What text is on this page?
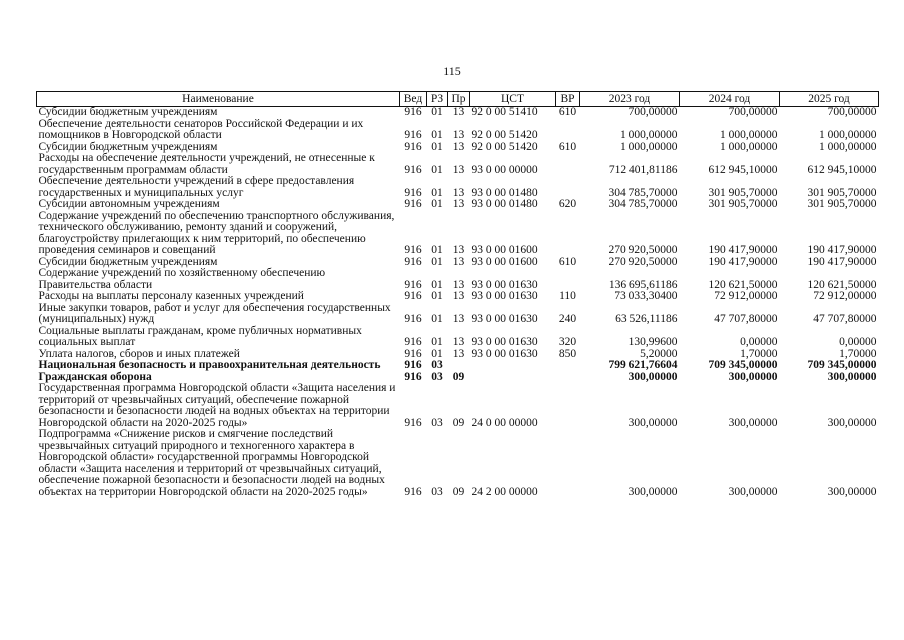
115
Наименование	Вед	РЗ	Пр	ЦСТ	ВР	2023 год	2024 год	2025 год
Субсидии бюджетным учреждениям	916	01	13	92 0 00 51410	610	700,00000	700,00000	700,00000
Обеспечение деятельности сенаторов Российской Федерации и их помощников в Новгородской области	916	01	13	92 0 00 51420		1 000,00000	1 000,00000	1 000,00000
Субсидии бюджетным учреждениям	916	01	13	92 0 00 51420	610	1 000,00000	1 000,00000	1 000,00000
Расходы на обеспечение деятельности учреждений, не отнесенные к государственным программам области	916	01	13	93 0 00 00000		712 401,81186	612 945,10000	612 945,10000
Обеспечение деятельности учреждений в сфере предоставления государственных и муниципальных услуг	916	01	13	93 0 00 01480		304 785,70000	301 905,70000	301 905,70000
Субсидии автономным учреждениям	916	01	13	93 0 00 01480	620	304 785,70000	301 905,70000	301 905,70000
Содержание учреждений по обеспечению транспортного обслуживания, технического обслуживанию, ремонту зданий и сооружений, благоустройству прилегающих к ним территорий, по обеспечению проведения семинаров и совещаний	916	01	13	93 0 00 01600		270 920,50000	190 417,90000	190 417,90000
Субсидии бюджетным учреждениям	916	01	13	93 0 00 01600	610	270 920,50000	190 417,90000	190 417,90000
Содержание учреждений по хозяйственному обеспечению Правительства области	916	01	13	93 0 00 01630		136 695,61186	120 621,50000	120 621,50000
Расходы на выплаты персоналу казенных учреждений	916	01	13	93 0 00 01630	110	73 033,30400	72 912,00000	72 912,00000
Иные закупки товаров, работ и услуг для обеспечения государственных (муниципальных) нужд	916	01	13	93 0 00 01630	240	63 526,11186	47 707,80000	47 707,80000
Социальные выплаты гражданам, кроме публичных нормативных социальных выплат	916	01	13	93 0 00 01630	320	130,99600	0,00000	0,00000
Уплата налогов, сборов и иных платежей	916	01	13	93 0 00 01630	850	5,20000	1,70000	1,70000
Национальная безопасность и правоохранительная деятельность	916	03				799 621,76604	709 345,00000	709 345,00000
Гражданская оборона	916	03	09			300,00000	300,00000	300,00000
Государственная программа Новгородской области «Защита населения и территорий от чрезвычайных ситуаций, обеспечение пожарной безопасности и безопасности людей на водных объектах на территории Новгородской области на 2020-2025 годы»	916	03	09	24 0 00 00000		300,00000	300,00000	300,00000
Подпрограмма «Снижение рисков и смягчение последствий чрезвычайных ситуаций природного и техногенного характера в Новгородской области» государственной программы Новгородской области «Защита населения и территорий от чрезвычайных ситуаций, обеспечение пожарной безопасности и безопасности людей на водных объектах на территории Новгородской области на 2020-2025 годы»	916	03	09	24 2 00 00000		300,00000	300,00000	300,00000
